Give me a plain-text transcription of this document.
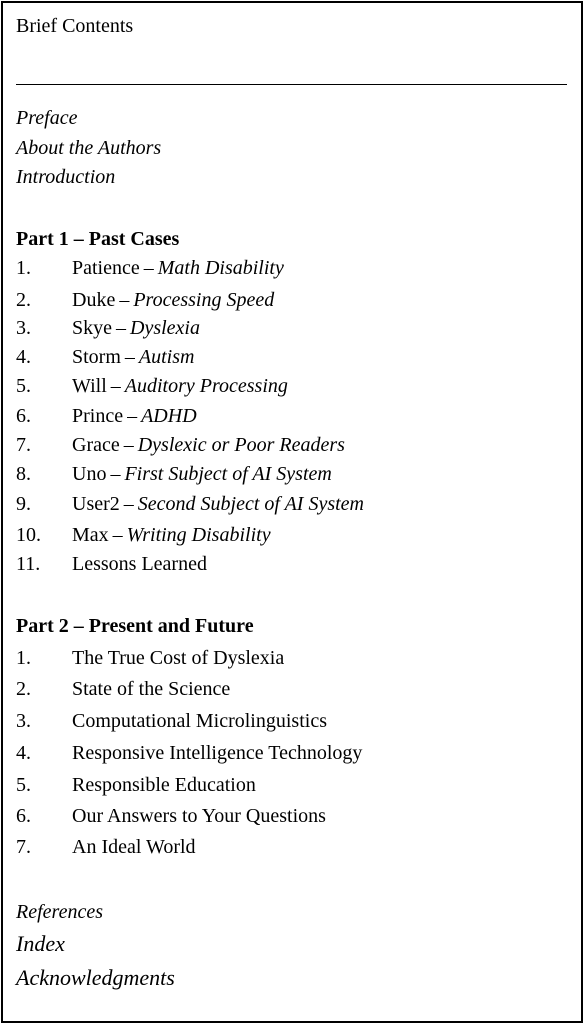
Brief Contents
Preface
About the Authors
Introduction
Part 1 – Past Cases
1. Patience – Math Disability
2. Duke – Processing Speed
3. Skye – Dyslexia
4. Storm – Autism
5. Will – Auditory Processing
6. Prince – ADHD
7. Grace – Dyslexic or Poor Readers
8. Uno – First Subject of AI System
9. User2 – Second Subject of AI System
10. Max – Writing Disability
11. Lessons Learned
Part 2 – Present and Future
1. The True Cost of Dyslexia
2. State of the Science
3. Computational Microlinguistics
4. Responsive Intelligence Technology
5. Responsible Education
6. Our Answers to Your Questions
7. An Ideal World
References
Index
Acknowledgments
